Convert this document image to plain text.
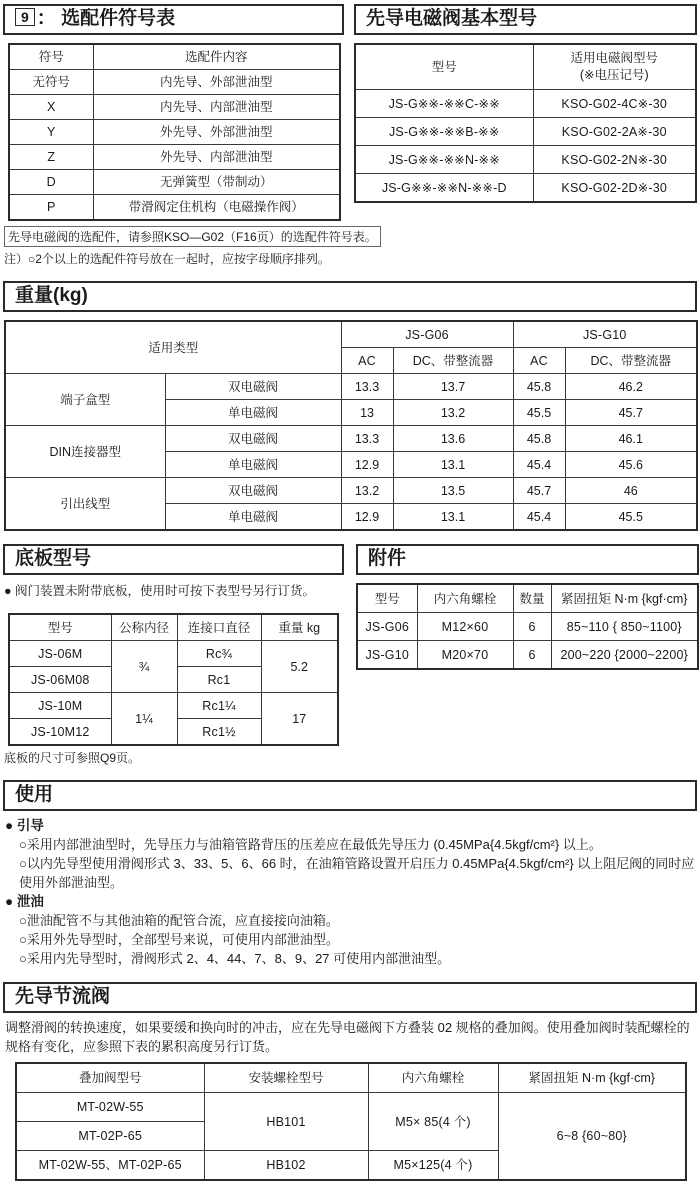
9 ： 选配件符号表
符号	选配件内容
无符号	内先导、外部泄油型
X	内先导、内部泄油型
Y	外先导、外部泄油型
Z	外先导、内部泄油型
D	无弹簧型（带制动）
P	带滑阀定住机构（电磁操作阀）
先导电磁阀的选配件，请参照KSO—G02（F16页）的选配件符号表。
注）○2个以上的选配件符号放在一起时，应按字母顺序排列。
先导电磁阀基本型号
型号	适用电磁阀型号
(※电压记号)

JS-G※※-※※C-※※	KSO-G02-4C※-30
JS-G※※-※※B-※※	KSO-G02-2A※-30
JS-G※※-※※N-※※	KSO-G02-2N※-30
JS-G※※-※※N-※※-D	KSO-G02-2D※-30
重量(kg)
适用类型		JS-G06		JS-G10	
		AC	DC、带整流器	AC	DC、带整流器
端子盒型	双电磁阀	13.3	13.7	45.8	46.2
	单电磁阀	13	13.2	45.5	45.7
DIN连接器型	双电磁阀	13.3	13.6	45.8	46.1
	单电磁阀	12.9	13.1	45.4	45.6
引出线型	双电磁阀	13.2	13.5	45.7	46
	单电磁阀	12.9	13.1	45.4	45.5
底板型号
● 阀门装置未附带底板，使用时可按下表型号另行订货。
型号	公称内径	连接口直径	重量 kg
JS-06M	¾	Rc¾	5.2
JS-06M08		Rc1	
JS-10M	1¼	Rc1¼	17
JS-10M12		Rc1½	
底板的尺寸可参照Q9页。
附件
型号	内六角螺栓	数量	紧固扭矩 N·m {kgf·cm}
JS-G06	M12×60	6	85~110 { 850~1100}
JS-G10	M20×70	6	200~220 {2000~2200}
使用
● 引导
○采用内部泄油型时，先导压力与油箱管路背压的压差应在最低先导压力 (0.45MPa{4.5kgf/cm²} 以上。
○以内先导型使用滑阀形式 3、33、5、6、66 时，在油箱管路设置开启压力 0.45MPa{4.5kgf/cm²} 以上阻尼阀的同时应使用外部泄油型。
● 泄油
○泄油配管不与其他油箱的配管合流，应直接接向油箱。
○采用外先导型时，全部型号来说，可使用内部泄油型。
○采用内先导型时，滑阀形式 2、4、44、7、8、9、27 可使用内部泄油型。
先导节流阀
调整滑阀的转换速度，如果要缓和换向时的冲击，应在先导电磁阀下方叠装 02 规格的叠加阀。使用叠加阀时装配螺栓的规格有变化，应参照下表的累积高度另行订货。
叠加阀型号	安装螺栓型号	内六角螺栓	紧固扭矩 N·m {kgf·cm}
MT-02W-55	HB101	M5× 85(4 个)	6~8 {60~80}
MT-02P-65			
MT-02W-55、MT-02P-65	HB102	M5×125(4 个)	
